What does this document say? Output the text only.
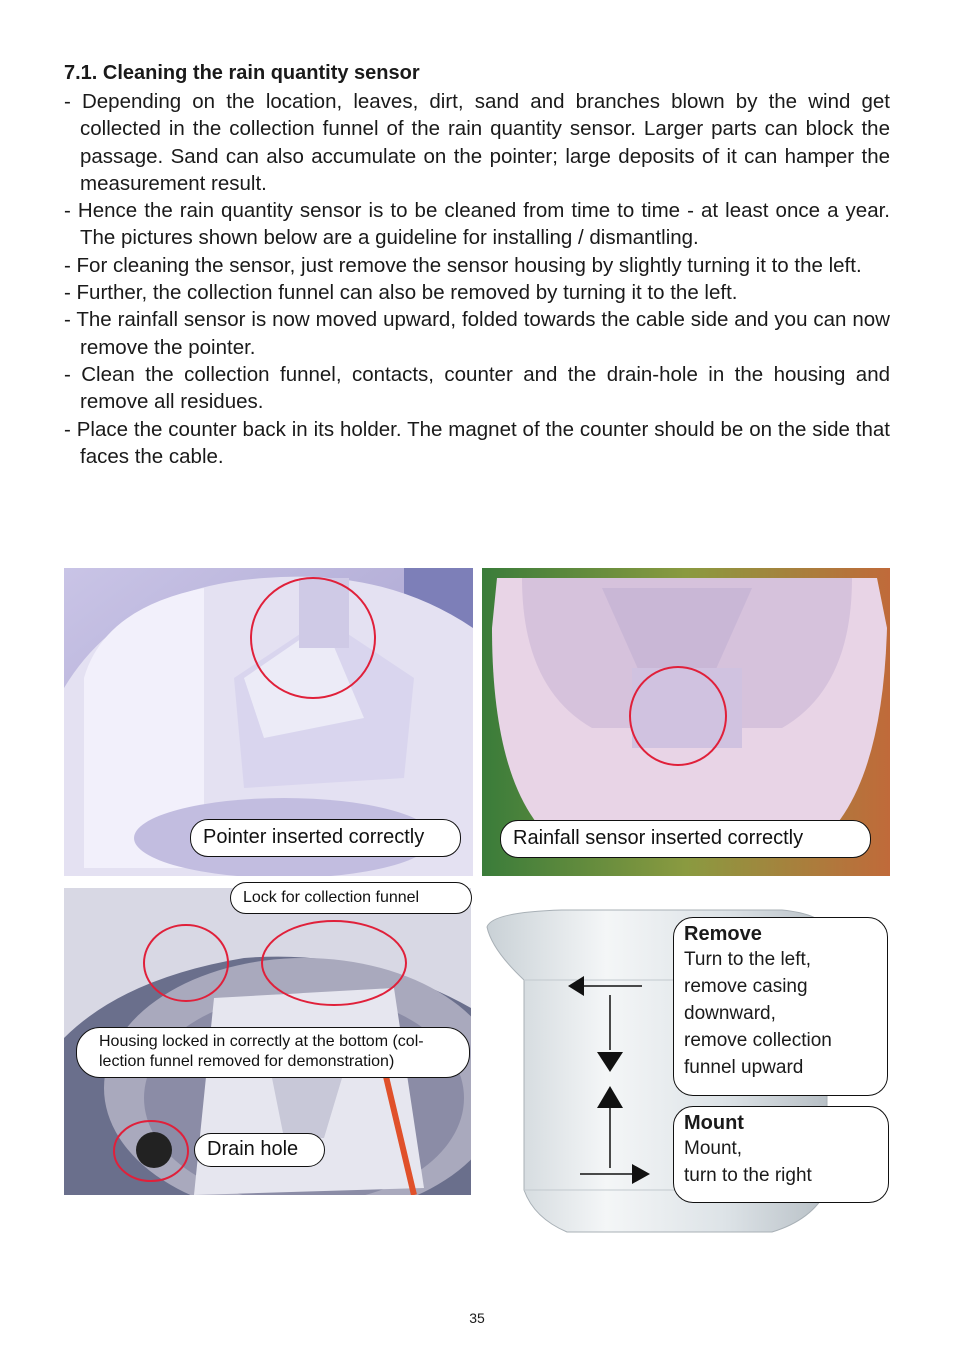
7.1. Cleaning the rain quantity sensor
- Depending on the location, leaves, dirt, sand and branches blown by the wind get collected in the collection funnel of the rain quantity sensor. Larger parts can block the passage. Sand can also accumulate on the pointer; large deposits of it can hamper the measurement result.
- Hence the rain quantity sensor is to be cleaned from time to time - at least once a year. The pictures shown below are a guideline for installing / dismantling.
- For cleaning the sensor, just remove the sensor housing by slightly turning it to the left.
- Further, the collection funnel can also be removed by turning it to the left.
- The rainfall sensor is now moved upward, folded towards the cable side and you can now remove the pointer.
- Clean the collection funnel, contacts, counter and the drain-hole in the housing and remove all residues.
- Place the counter back in its holder. The magnet of the counter should be on the side that faces the cable.
Pointer inserted correctly	Rainfall sensor inserted correctly
Lock for collection funnel
Housing locked in correctly at the bottom (col-
lection funnel removed for demonstration)
Drain hole
Remove
Turn to the left,
remove casing
downward,
remove collection
funnel upward
Mount
Mount,
turn to the right
35
